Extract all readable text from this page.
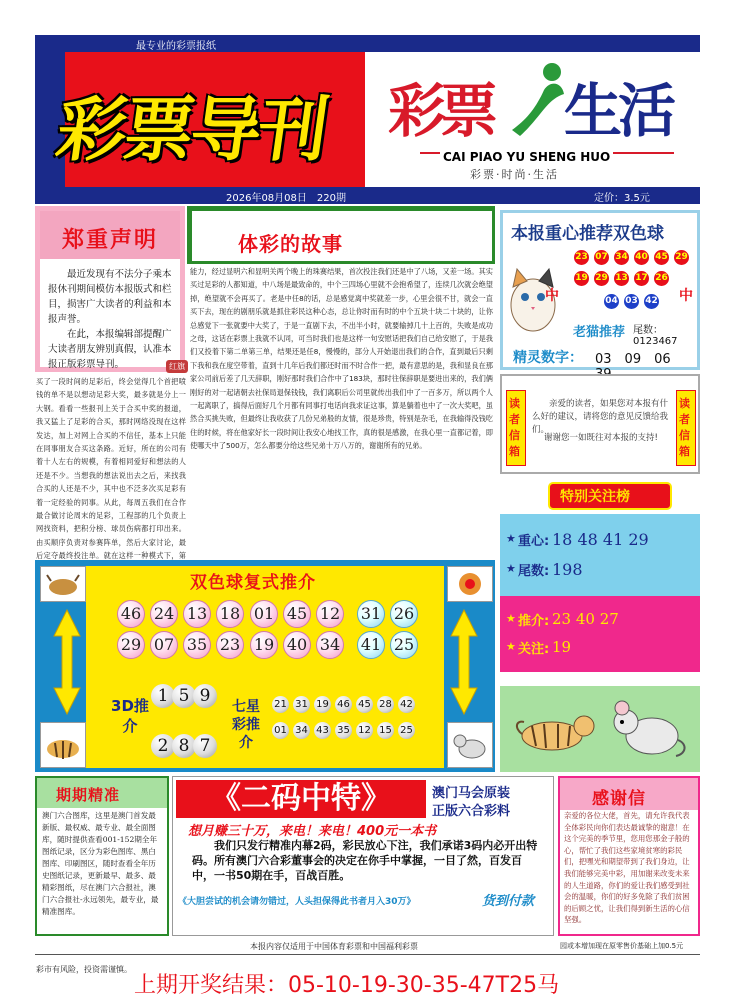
最专业的彩票报纸
彩票导刊 彩票 生活
CAI PIAO YU SHENG HUO
彩票·时尚·生活
2026年08月08日　220期	定价：3.5元
郑重声明
最近发现有不法分子乘本报休刊期间模仿本报版式和栏目，损害广大读者的利益和本报声誉。
在此，本报编辑部提醒广大读者朋友辨别真假，认准本报正版彩票导刊。	红旗
买了一段时间的足彩后，终会觉得几个首把喷钱的单不是以想动足彩大奖，最多就是分上一大钢。看看一些报刊上关于合买中奖的报道，我又猛上了足彩的合买，那时网络没现在这样发达，加上对网上合买的不信任，基本上只能在同事朋友合买这条路。近好，所在的公司有着十人左右的规模，有着相同爱好和想法的人还是不少。当想我的想法说出去之后，来找我合买的人还是不少，其中也不泛多次买足彩有着一定经验的同事。从此，每周五我们在合作最合做讨论周末的足彩，工程部的几个负责上网找资料，把积分榜、球员伤病都打印出来。由买顺序负责对参赛阵单，然后大家讨论，最后定夺最终投注单。就在这样一种模式下，第
体彩的故事
能力，经过显明六和显明关两个晚上的珠赛结果，首次投注我们还是中了八场，又差一场。其实买过足彩的人都知道，中八场是最致命的，中个三四场心里就不会抱希望了，连续几次就会绝望掉，绝望就不会再买了。老是中任8的话，总是感觉离中奖就差一步，心里会很不甘，就会一直买下去，现在的剧朋乐就是抓住彩民这种心态，总让你时而有时的中个五块十块二十块的，让你总感觉下一张就要中大奖了，于是一直剧下去，不出半小时，就要输掉几十上百的，失败是成功之母，这话在彩票上我就不认同，可当时我们也是这样一句安慰话把我们自己给安慰了，于是我们又投着下第二单第三单，结果还是任8，慢慢的，部分人开始退出我们的合作，直到最后只剩下我和我在度空带着，直到十几年后我们都还时而不时合作一把，最有意思的是，我和显良在那家公司前后差了几天辞职，刚好那时我们合作中了183块，那时往保辞职是要进出来的，我们俩刚好的对一起诸朝去社保局退保钱钱，我们离职后公司里就传出我们中了一百多万，所以两个人一起离职了，搞得后面好几个月都有同事打电话向我求证这事，算是躺着也中了一次大奖吧，虽然合买挑失败，但最终让我收获了几份兄弟般的友情，很是珍贵，特别是杂毛，在我输得没钱吃住的时候，将在他家好长一段时间让我安心地找工作，真的很是感激，在我心里一直都记着，即使哪天中了500万，怎么都要分给这些兄弟十万八万的，谢谢所有的兄弟。
本报重心推荐双色球
中	中
老猫推荐 尾数：0123467
精灵数字： 03　09　06　
23 07 34 40 45 29
19 29 13 17 26
04 03 42
读者信箱
读者信箱
亲爱的读者，如果您对本报有什么好的建议，请将您的意见反馈给我们。
谢谢您一如既往对本报的支持!
特别关注榜
★ 重心: 18 48 41 29
★ 尾数: 198
★ 推介: 23 40 27
★ 关注: 19
双色球复式推介
46 24 13 18 01 45 12 31 26
29 07 35 23 19 40 34 41 25
3D推介
1 5 9
2 8 7
七星彩推介
21 31 19 46 45 28 42
01 34 43 35 12 15 25
期期精准
澳门六合图库，这里是澳门首发最新版、最权威、最专业、最全面图库，随时提供查看001-152期全年图纸记录，区分为彩色图库、黑白图库、印刷图区，随时查看全年历史图纸记录，更新最早、最多、最精彩图纸，尽在澳门六合报社，澳门六合报社-永远领先，最专业，最精准图库。
《二码中特》	澳门马会原装
正版六合彩料
想月赚三十万，来电！来电！400元一本书
我们只发行精准内幕2码，彩民放心下注，我们承诺3码内必开出特码。所有澳门六合彩董事会的决定在你手中掌握，一目了然，百发百中，一书50期在手，百战百胜。
《大胆尝试的机会请勿错过，人头担保得此书者月入30万》	货到付款
感谢信
亲爱的各位大佬，首先，请允许我代表全体彩民向你们表达最诚挚的谢意！在这个完美的季节里，您用您那金子般的心，帮忙了我们这些家境贫寒的彩民们，把嘿光和期望带到了我们身边，让我们能够完美中彩，用加谢来改变未来的人生道路，你们的爱让我们感受到社会的温暖，你们的好多免除了我们贫困的后顾之忧，让我们得到新生活的心信坚强。
本报内容仅适用于中国体育彩票和中国福利彩票	园或本增加现在原零售价基础上加0.5元
彩市有风险，投资需谨慎。
上期开奖结果：05-10-19-30-35-47T25马
